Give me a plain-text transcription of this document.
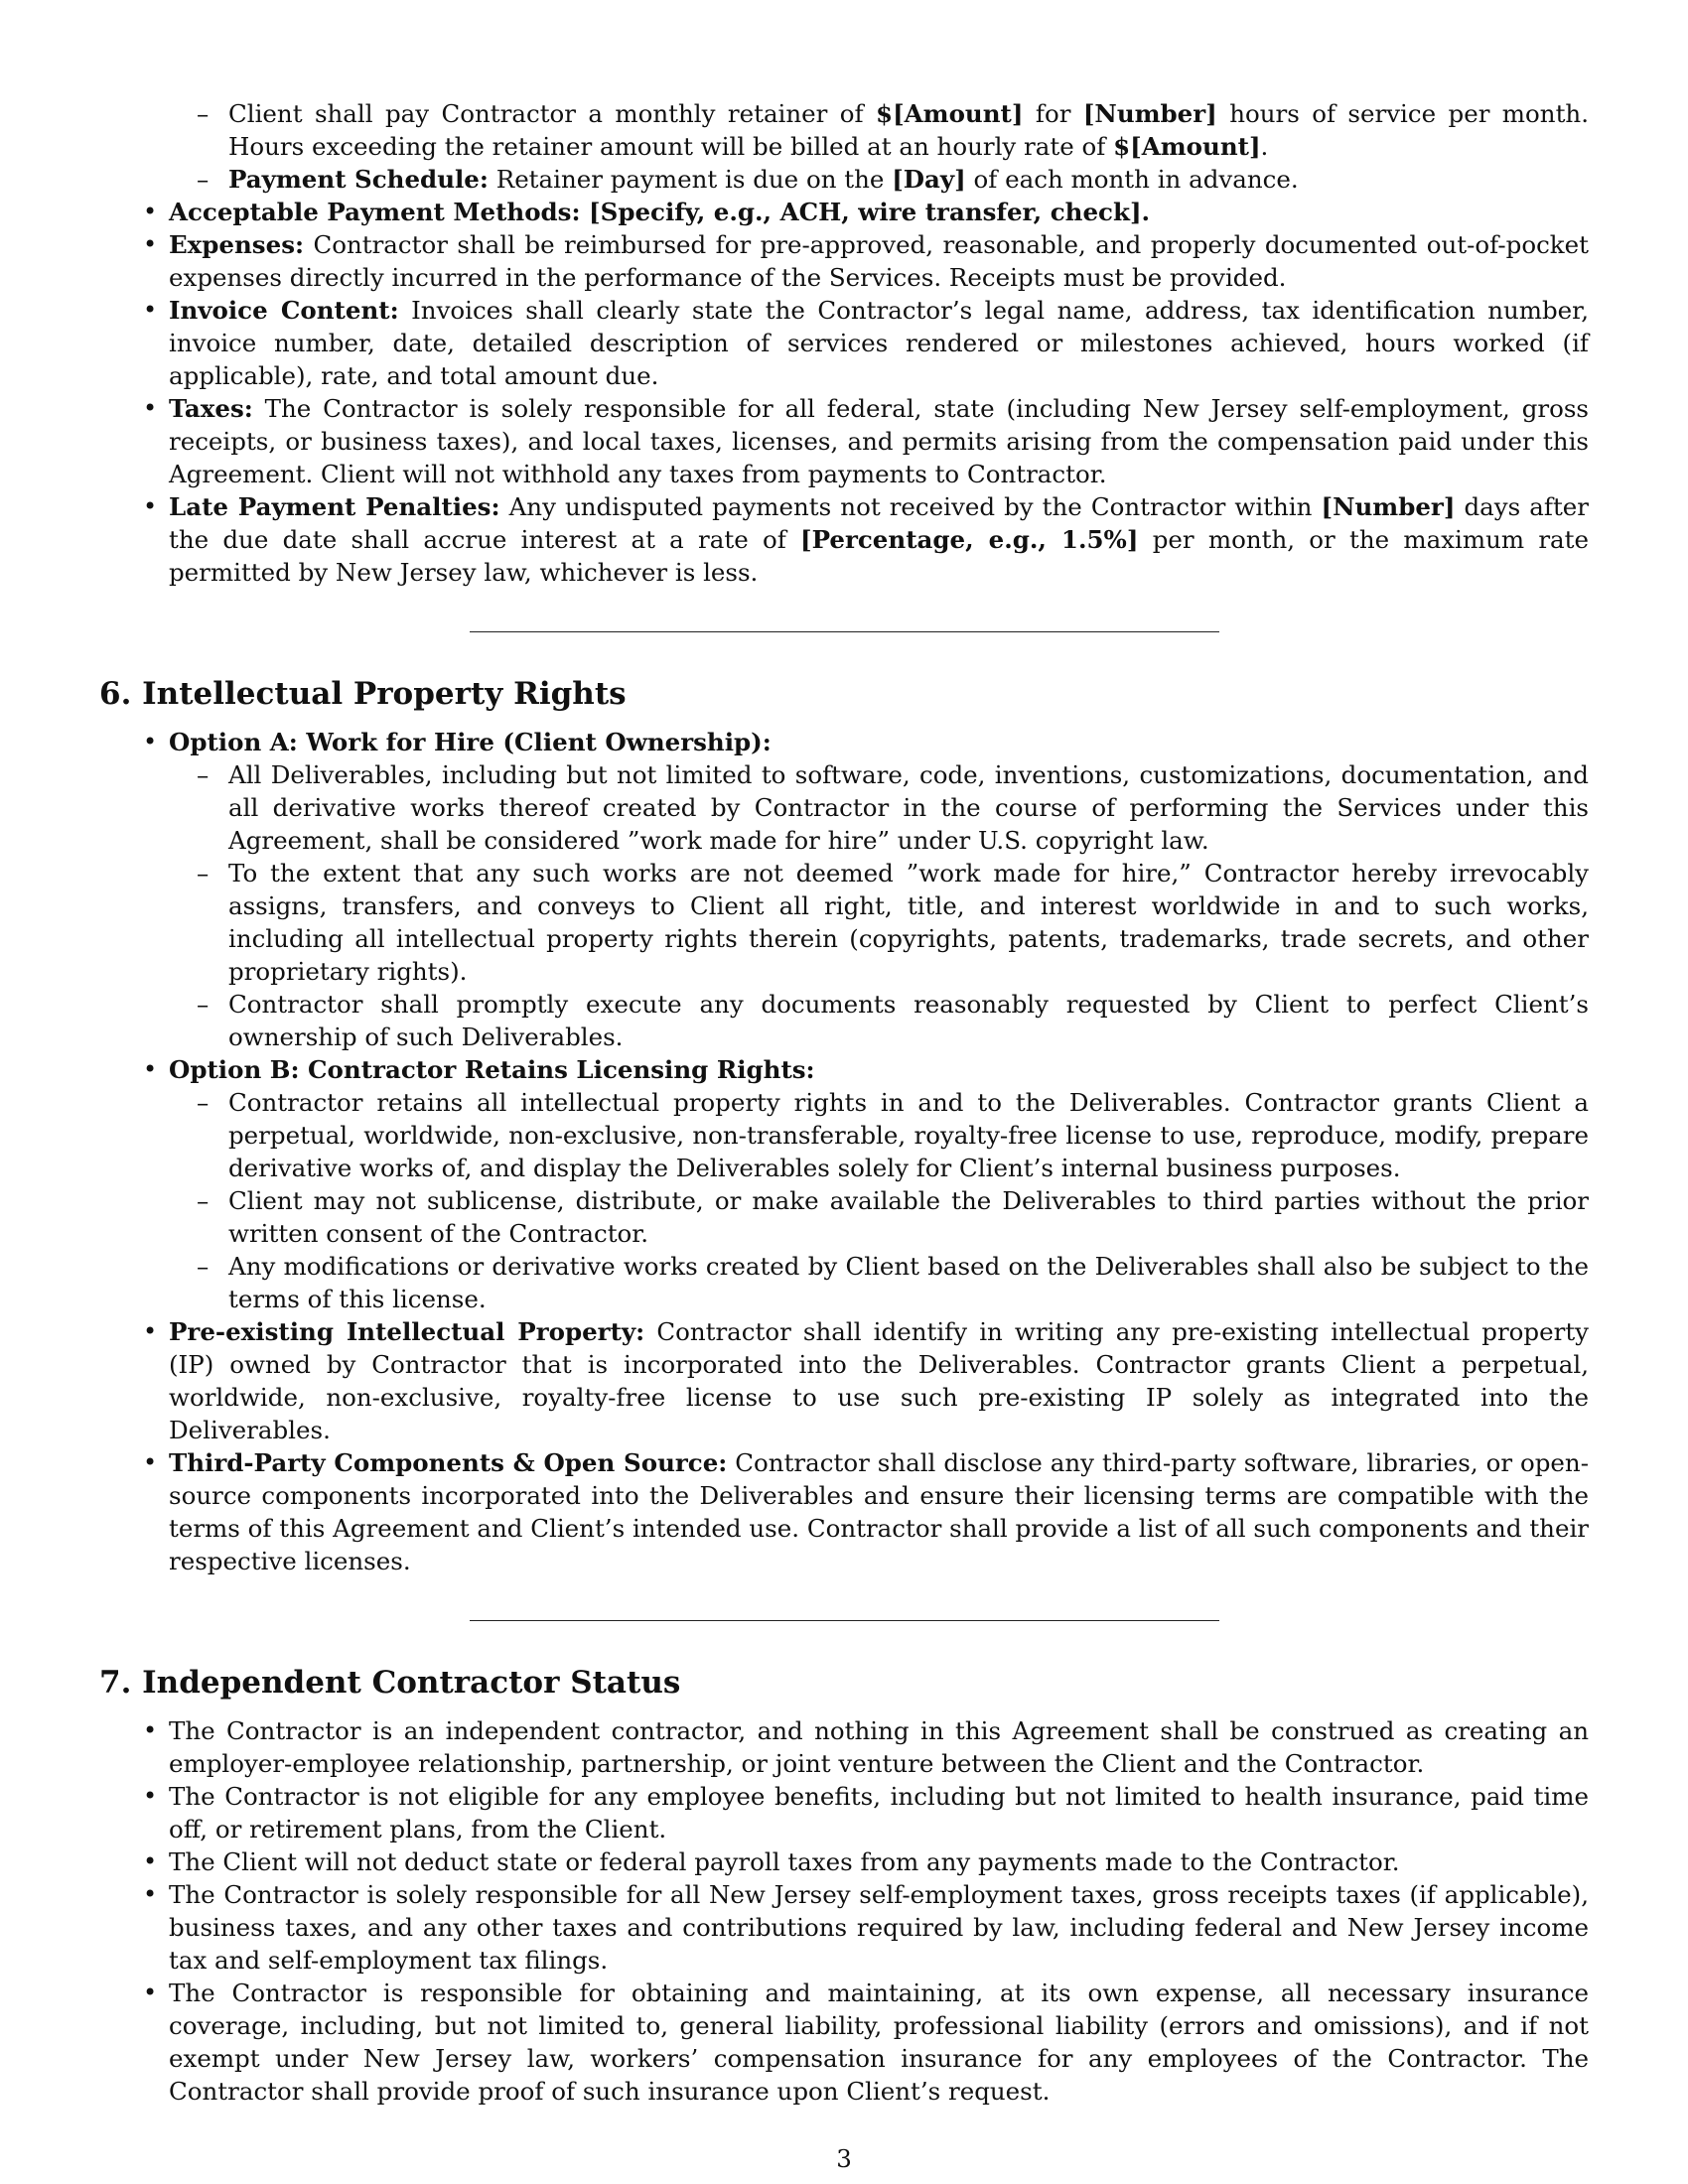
– Client shall pay Contractor a monthly retainer of $[Amount] for [Number] hours of service per month. Hours exceeding the retainer amount will be billed at an hourly rate of $[Amount].
– Payment Schedule: Retainer payment is due on the [Day] of each month in advance.
• Acceptable Payment Methods: [Specify, e.g., ACH, wire transfer, check].
• Expenses: Contractor shall be reimbursed for pre-approved, reasonable, and properly documented out-of-pocket expenses directly incurred in the performance of the Services. Receipts must be provided.
• Invoice Content: Invoices shall clearly state the Contractor’s legal name, address, tax identification number, invoice number, date, detailed description of services rendered or milestones achieved, hours worked (if applicable), rate, and total amount due.
• Taxes: The Contractor is solely responsible for all federal, state (including New Jersey self-employment, gross receipts, or business taxes), and local taxes, licenses, and permits arising from the compensation paid under this Agreement. Client will not withhold any taxes from payments to Contractor.
• Late Payment Penalties: Any undisputed payments not received by the Contractor within [Number] days after the due date shall accrue interest at a rate of [Percentage, e.g., 1.5%] per month, or the maximum rate permitted by New Jersey law, whichever is less.
6. Intellectual Property Rights
• Option A: Work for Hire (Client Ownership):
– All Deliverables, including but not limited to software, code, inventions, customizations, documentation, and all derivative works thereof created by Contractor in the course of performing the Services under this Agreement, shall be considered ”work made for hire” under U.S. copyright law.
– To the extent that any such works are not deemed ”work made for hire,” Contractor hereby irrevocably assigns, transfers, and conveys to Client all right, title, and interest worldwide in and to such works, including all intellectual property rights therein (copyrights, patents, trademarks, trade secrets, and other proprietary rights).
– Contractor shall promptly execute any documents reasonably requested by Client to perfect Client’s ownership of such Deliverables.
• Option B: Contractor Retains Licensing Rights:
– Contractor retains all intellectual property rights in and to the Deliverables. Contractor grants Client a perpetual, worldwide, non-exclusive, non-transferable, royalty-free license to use, reproduce, modify, prepare derivative works of, and display the Deliverables solely for Client’s internal business purposes.
– Client may not sublicense, distribute, or make available the Deliverables to third parties without the prior written consent of the Contractor.
– Any modifications or derivative works created by Client based on the Deliverables shall also be subject to the terms of this license.
• Pre-existing Intellectual Property: Contractor shall identify in writing any pre-existing intellectual property (IP) owned by Contractor that is incorporated into the Deliverables. Contractor grants Client a perpetual, worldwide, non-exclusive, royalty-free license to use such pre-existing IP solely as integrated into the Deliverables.
• Third-Party Components & Open Source: Contractor shall disclose any third-party software, libraries, or open-source components incorporated into the Deliverables and ensure their licensing terms are compatible with the terms of this Agreement and Client’s intended use. Contractor shall provide a list of all such components and their respective licenses.
7. Independent Contractor Status
• The Contractor is an independent contractor, and nothing in this Agreement shall be construed as creating an employer-employee relationship, partnership, or joint venture between the Client and the Contractor.
• The Contractor is not eligible for any employee benefits, including but not limited to health insurance, paid time off, or retirement plans, from the Client.
• The Client will not deduct state or federal payroll taxes from any payments made to the Contractor.
• The Contractor is solely responsible for all New Jersey self-employment taxes, gross receipts taxes (if applicable), business taxes, and any other taxes and contributions required by law, including federal and New Jersey income tax and self-employment tax filings.
• The Contractor is responsible for obtaining and maintaining, at its own expense, all necessary insurance coverage, including, but not limited to, general liability, professional liability (errors and omissions), and if not exempt under New Jersey law, workers’ compensation insurance for any employees of the Contractor. The Contractor shall provide proof of such insurance upon Client’s request.
3
